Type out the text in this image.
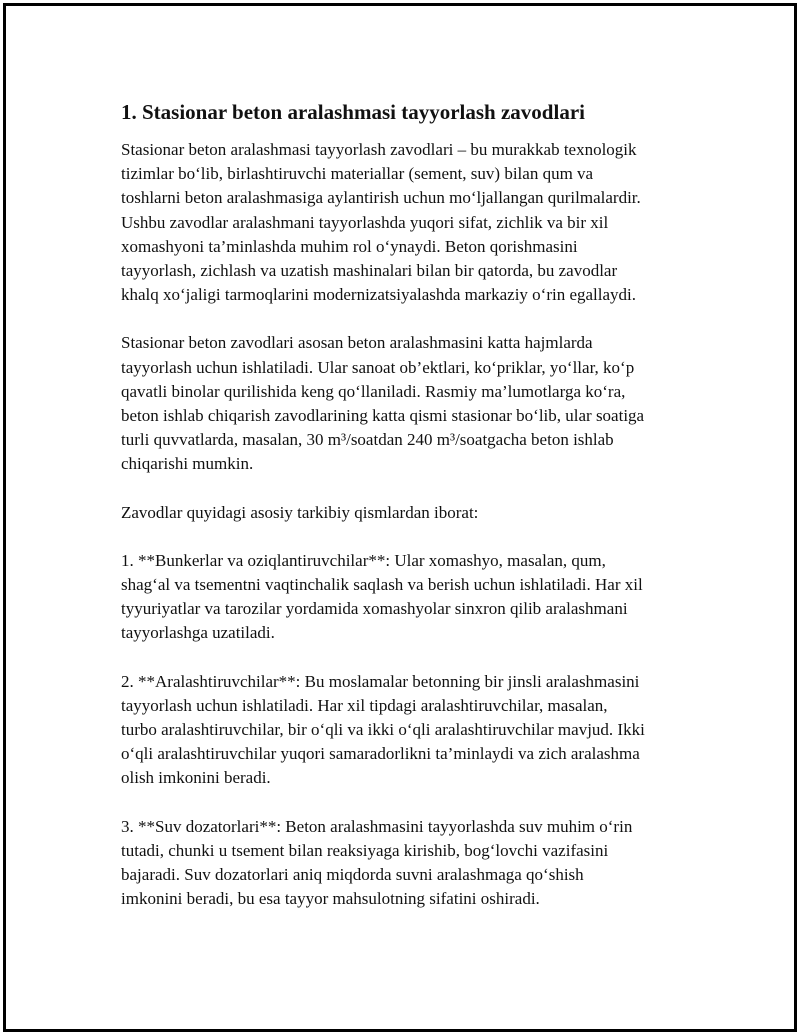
1. Stasionar beton aralashmasi tayyorlash zavodlari

Stasionar beton aralashmasi tayyorlash zavodlari – bu murakkab texnologik
tizimlar boʻlib, birlashtiruvchi materiallar (sement, suv) bilan qum va
toshlarni beton aralashmasiga aylantirish uchun moʻljallangan qurilmalardir.
Ushbu zavodlar aralashmani tayyorlashda yuqori sifat, zichlik va bir xil
xomashyoni ta’minlashda muhim rol oʻynaydi. Beton qorishmasini
tayyorlash, zichlash va uzatish mashinalari bilan bir qatorda, bu zavodlar
khalq xoʻjaligi tarmoqlarini modernizatsiyalashda markaziy oʻrin egallaydi.

Stasionar beton zavodlari asosan beton aralashmasini katta hajmlarda
tayyorlash uchun ishlatiladi. Ular sanoat ob’ektlari, koʻpriklar, yoʻllar, koʻp
qavatli binolar qurilishida keng qoʻllaniladi. Rasmiy ma’lumotlarga koʻra,
beton ishlab chiqarish zavodlarining katta qismi stasionar boʻlib, ular soatiga
turli quvvatlarda, masalan, 30 m³/soatdan 240 m³/soatgacha beton ishlab
chiqarishi mumkin.

Zavodlar quyidagi asosiy tarkibiy qismlardan iborat:

1. **Bunkerlar va oziqlantiruvchilar**: Ular xomashyo, masalan, qum,
shagʻal va tsementni vaqtinchalik saqlash va berish uchun ishlatiladi. Har xil
tyyuriyatlar va tarozilar yordamida xomashyolar sinxron qilib aralashmani
tayyorlashga uzatiladi.

2. **Aralashtiruvchilar**: Bu moslamalar betonning bir jinsli aralashmasini
tayyorlash uchun ishlatiladi. Har xil tipdagi aralashtiruvchilar, masalan,
turbo aralashtiruvchilar, bir oʻqli va ikki oʻqli aralashtiruvchilar mavjud. Ikki
oʻqli aralashtiruvchilar yuqori samaradorlikni ta’minlaydi va zich aralashma
olish imkonini beradi.

3. **Suv dozatorlari**: Beton aralashmasini tayyorlashda suv muhim oʻrin
tutadi, chunki u tsement bilan reaksiyaga kirishib, bogʻlovchi vazifasini
bajaradi. Suv dozatorlari aniq miqdorda suvni aralashmaga qoʻshish
imkonini beradi, bu esa tayyor mahsulotning sifatini oshiradi.
